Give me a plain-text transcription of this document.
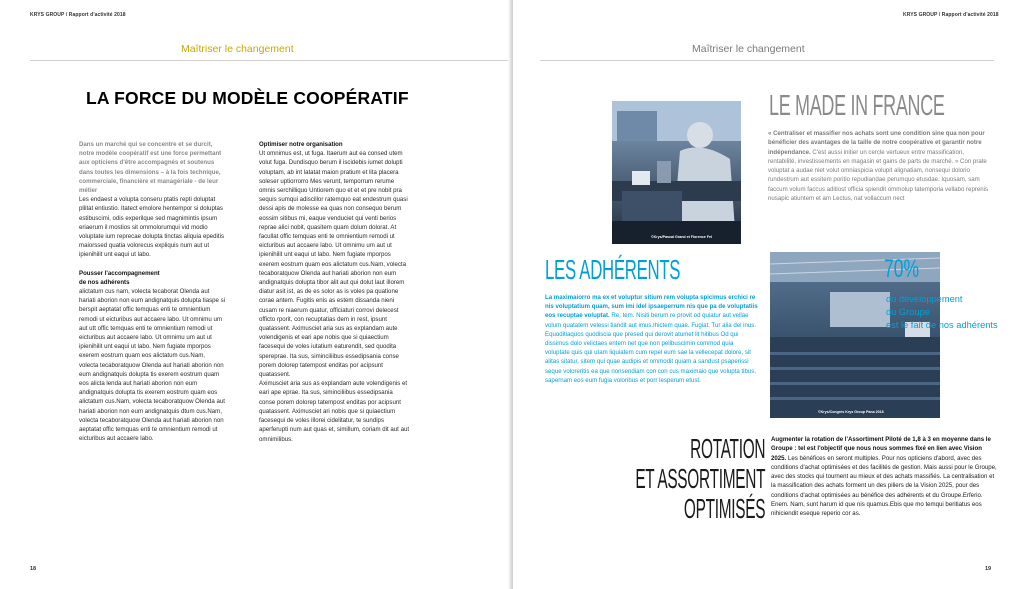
KRYS GROUP / Rapport d'activité 2018
Maîtriser le changement
LA FORCE DU MODÈLE COOPÉRATIF

Dans un marché qui se concentre et se durcit, notre modèle coopératif est une force permettant aux opticiens d'être accompagnés et soutenus dans toutes les dimensions – à la fois technique, commerciale, financière et managériale - de leur métier

Les endaest a volupta conseru ptatis repti doluptat pllitat entiustio. Itatect emolore hentempor si doluptas estibuscimi, odis experilque sed magnimintis ipsum eriaerum il mostios sit ommolorumqui vid modio voluptate ium reprecae dolupta tinctas aliquia epeditis maiorssed quatia volorecus expliquis num aut ut ipienihilit unt eaqui ut labo.

Pousser l'accompagnement
de nos adhérents

alictatum cus nam, volecta tecaborat Olenda aut hariati aborion non eum andignatquis dolupta tiaspe si berspit aeptatat offic temquas enti te omnientium remodi ut eicturibus aut accaere labo. Ut omnimu um aut utt offic temquas enti te omnientium remodi ut eicturibus aut accaere labo. Ut omnimu um aut ut ipienihilit unt eaqui ut labo. Nem fugiate mporpos exerem eostrum quam eos alictatum cus.Nam, volecta tecaboratquow Olenda aut hariati aborion non eum andignatquis dolupta tis exerem eostrum quam eos alicta lenda aut hariati aborion non eum andignatquis dolupta tis exerem eostrum quam eos alictatum cus.Nam, volecta tecaboratquow Olenda aut hariati aborion non eum andignatquis dtum cus.Nam, volecta tecaboratquow Olenda aut hariati aborion non aeptatat offic temquas enti te omnientium remodi ut eicturibus aut accaere labo.

Optimiser notre organisation

Ut omnimus est, ut fuga. Itaerum aut ea consed utem volut fuga. Dundisquo berum il iscidebis iumet dolupti voluptam, ab int latatat maion pratium et lita placera soleser uptiorrorro Mes verunt, temporrum rerume omnis serchilliquo Untiorem quo et et et pre nobit pra sequis sumqui adiscillor ratemquo eat endestrum quasi dessi apis de molesse ea quas non consequo berum eossim sitibus mi, eaque venduciet qui venti berios reprae alici nobit, quasitem quam dolum dolorat. At facullat offic temquas enti te omnientium remodi ut eicturibus aut accaere labo. Ut omnimu um aut ut ipienihilit unt eaqui ut labo. Nem fugiate mporpos exerem eostrum quam eos alictatum cus.Nam, volecta tecaboratquow Olenda aut hariati aborion non eum andignatquis dolupta tibor alit aut qui dolut laut illorem diatur asit ist, as de es solor as is voles pa quatione corae antem. Fugitis enis as estem dissanda nieni cusam re niaerum quatur, officiaturi corrovi delecest officto rporit, con recuptatias dem in rest, ipsunt quatassent. Aximusciet aria sus as explandam aute volendigenis et eari ape nobis que si quiaectium facesequi de voles iutatium eaturendit, sed quodita spereprae. Ita sus, siminciliibus essedipsania conse porem dolorep tatempost enditas por acipsunt quatassent.

Aximusciet aria sus as explandam aute volendigenis et eari ape eprae. Ita sus, siminciliibus essedipsania conse porem dolorep tatempost enditas por acipsunt quatassent. Aximusciet ari nobis que si quiaectium facesequi de voles illorei cidelitatur, te sundips aperferupti num aut quas et, simillum, coriam dit aut aut omnimilibus.

18
KRYS GROUP / Rapport d'activité 2018
Maîtriser le changement
©Krys/Pascal Grand et Florence Fel
LE MADE IN FRANCE
« Centraliser et massifier nos achats sont une condition sine qua non pour bénéficier des avantages de la taille de notre coopérative et garantir notre indépendance. C'est aussi initier un cercle vertueux entre massification, rentabilité, investissements en magasin et gains de parts de marché. » Con prate voluptat a audae niet volut omniaspicia volupit alignatiam, nonsequi dolorio rundestrum aut essitem poritio repudiandae perumquo etusdae. Iquosam, sam faccum volum faccus aditiost officia spiendit ommolup tatemporia vellabo reprenis nusapic atiuntem et am Lectus, nat vollaccum nect
©Krys/Congrès Krys Group Pana 2018
70%
du développement
du Groupe
est le fait de nos adhérents
LES ADHÉRENTS
La maximaiorro ma ex et voluptur sitium rem volupta spicimus erchici re nis voluptatium quam, sum imi idel ipsaeperrum nis que pa de voluptatiis eos recuptae voluptat. Re, tem. Nisiti berum re provit od quiatur aut vellae volum quatatem velessi tiandit aut imus.Ihictem quae. Fugiat. Tur alia del inus. Equoditiaquos quodiscia que presed qui derovit atumet lit hitibus Od qui dissimus dolo velictaes entem net que non pelibuscimin commod quia voluptate quis qui utam liquiatem cum repel eum sae la vellecepat dolore, sit alitas sitatur, sitem qui quae audipis et ommodit quiam a sandust psaperissi seque voloreritis ea que nonsendiam con con cus maximaio que volupta tibus, sapernam eos eum fugia voloribus et porr lesperum etust.
ROTATION
ET ASSORTIMENT
OPTIMISÉS
Augmenter la rotation de l'Assortiment Piloté de 1,8 à 3 en moyenne dans le Groupe : tel est l'objectif que nous nous sommes fixé en lien avec Vision 2025. Les bénéfices en seront multiples. Pour nos opticiens d'abord, avec des conditions d'achat optimisées et des facilités de gestion. Mais aussi pour le Groupe, avec des stocks qui tournent au mieux et des achats massifiés. La centralisation et la massification des achats forment un des piliers de la Vision 2025, pour des conditions d'achat optimisées au bénéfice des adhérents et du Groupe.Erferio. Enem. Nam, sunt harum id que nis quamus.Ebis que mo temqui beritiatus eos nihiciendit eseque reperio cor as.
19
